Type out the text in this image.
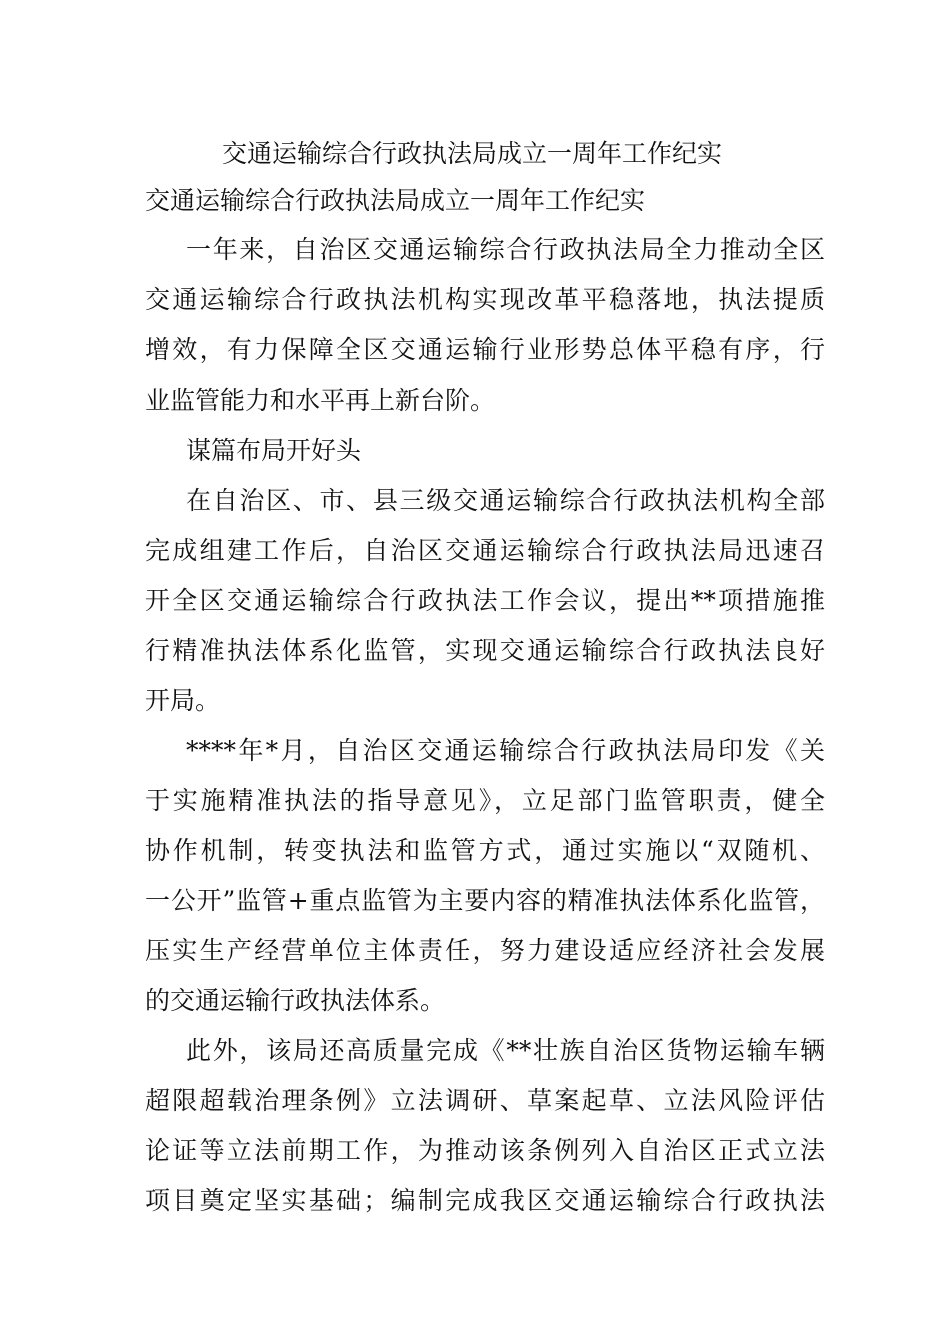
交通运输综合行政执法局成立一周年工作纪实
交通运输综合行政执法局成立一周年工作纪实
一年来，自治区交通运输综合行政执法局全力推动全区
交通运输综合行政执法机构实现改革平稳落地，执法提质
增效，有力保障全区交通运输行业形势总体平稳有序，行
业监管能力和水平再上新台阶。
谋篇布局开好头
在自治区、市、县三级交通运输综合行政执法机构全部
完成组建工作后，自治区交通运输综合行政执法局迅速召
开全区交通运输综合行政执法工作会议，提出**项措施推
行精准执法体系化监管，实现交通运输综合行政执法良好
开局。
****年*月，自治区交通运输综合行政执法局印发《关
于实施精准执法的指导意见》，立足部门监管职责，健全
协作机制，转变执法和监管方式，通过实施以“双随机、
一公开”监管+重点监管为主要内容的精准执法体系化监管，
压实生产经营单位主体责任，努力建设适应经济社会发展
的交通运输行政执法体系。
此外，该局还高质量完成《**壮族自治区货物运输车辆
超限超载治理条例》立法调研、草案起草、立法风险评估
论证等立法前期工作，为推动该条例列入自治区正式立法
项目奠定坚实基础；编制完成我区交通运输综合行政执法
